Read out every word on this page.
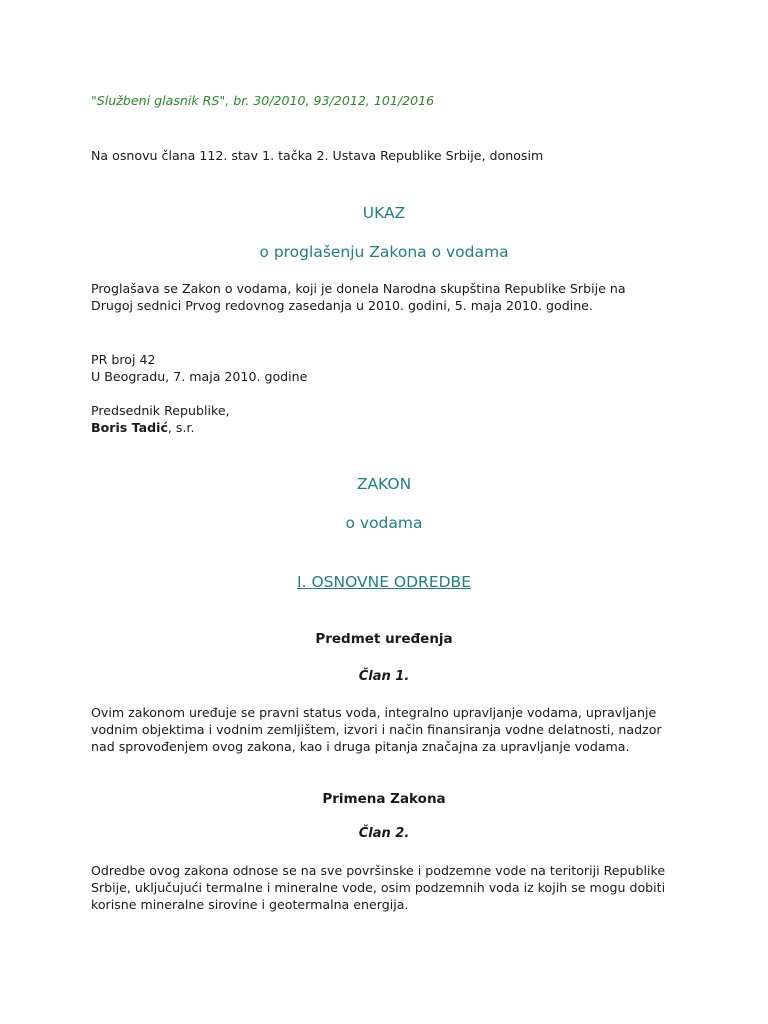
"Službeni glasnik RS", br. 30/2010, 93/2012, 101/2016

Na osnovu člana 112. stav 1. tačka 2. Ustava Republike Srbije, donosim

UKAZ
o proglašenju Zakona o vodama

Proglašava se Zakon o vodama, koji je donela Narodna skupština Republike Srbije na

Drugoj sednici Prvog redovnog zasedanja u 2010. godini, 5. maja 2010. godine.

PR broj 42

U Beogradu, 7. maja 2010. godine

Predsednik Republike,

Boris Tadić, s.r.

ZAKON
o vodama
I. OSNOVNE ODREDBE
Predmet uređenja
Član 1.

Ovim zakonom uređuje se pravni status voda, integralno upravljanje vodama, upravljanje

vodnim objektima i vodnim zemljištem, izvori i način finansiranja vodne delatnosti, nadzor

nad sprovođenjem ovog zakona, kao i druga pitanja značajna za upravljanje vodama.

Primena Zakona
Član 2.

Odredbe ovog zakona odnose se na sve površinske i podzemne vode na teritoriji Republike

Srbije, uključujući termalne i mineralne vode, osim podzemnih voda iz kojih se mogu dobiti

korisne mineralne sirovine i geotermalna energija.
